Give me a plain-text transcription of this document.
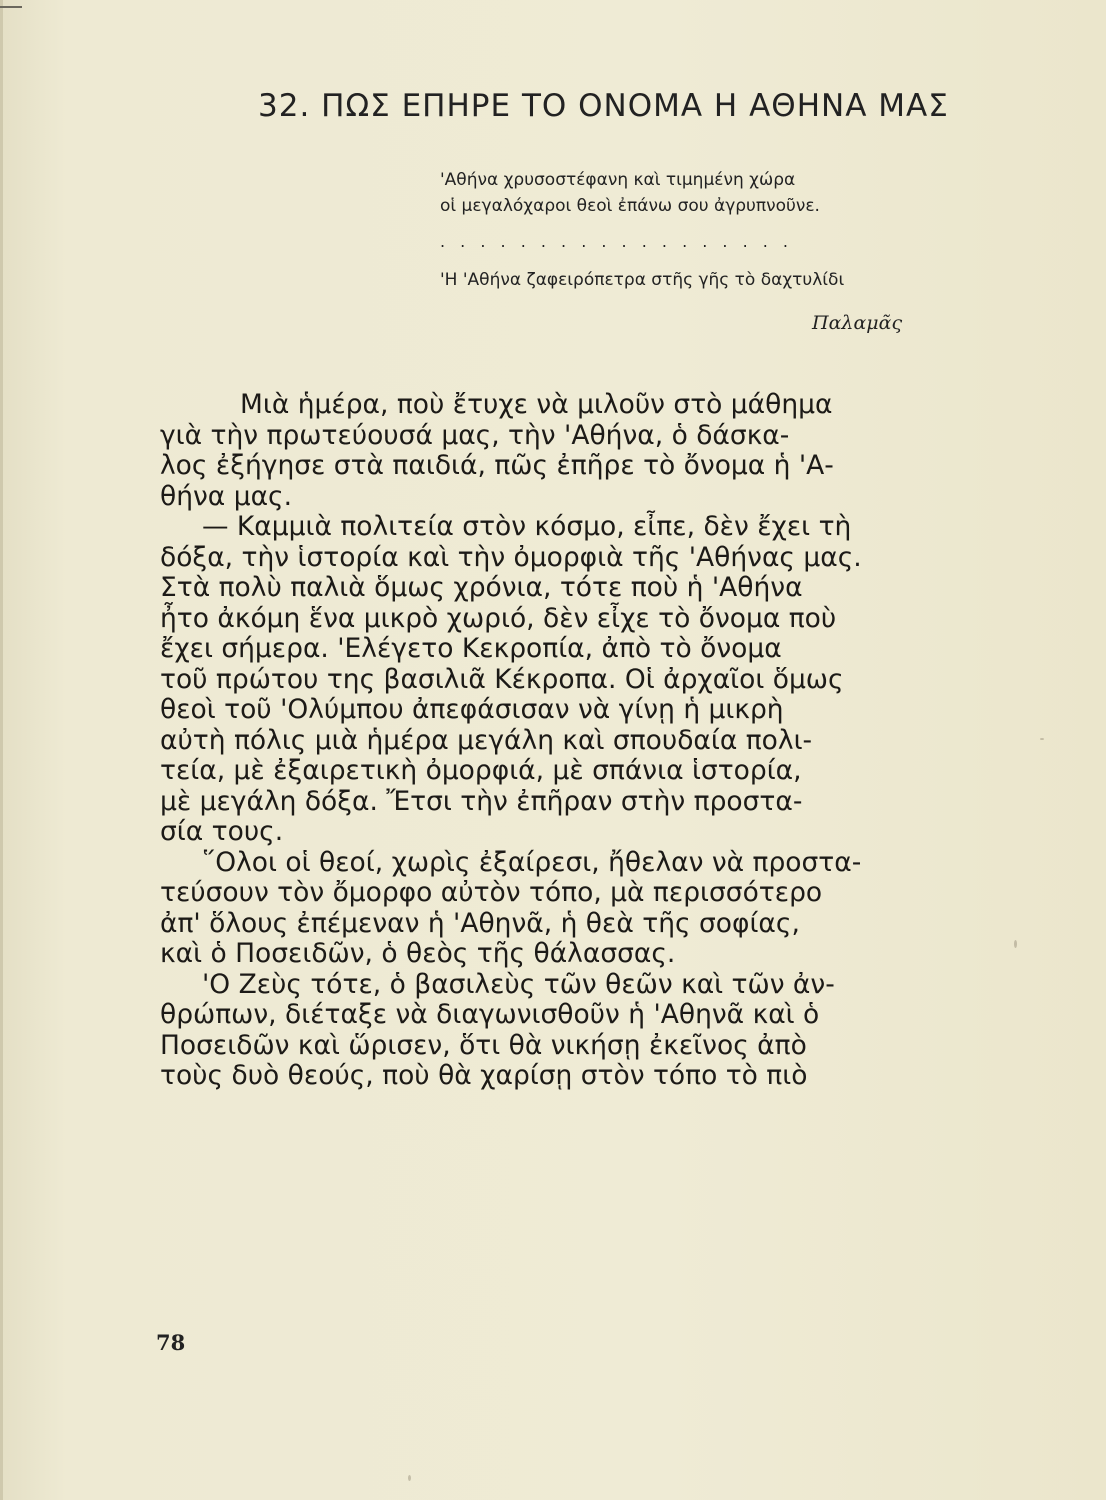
32. ΠΩΣ ΕΠΗΡΕ ΤΟ ΟΝΟΜΑ Η ΑΘΗΝΑ ΜΑΣ
'Αθήνα χρυσοστέφανη καὶ τιμημένη χώρα
οἱ μεγαλόχαροι θεοὶ ἐπάνω σου ἀγρυπνοῦνε.
. . . . . . . . . . . . . . . . . .
'Η 'Αθήνα ζαφειρόπετρα στῆς γῆς τὸ δαχτυλίδι
Παλαμᾶς
Μιὰ ἡμέρα, ποὺ ἔτυχε νὰ μιλοῦν στὸ μάθημα
γιὰ τὴν πρωτεύουσά μας, τὴν 'Αθήνα, ὁ δάσκα-
λος ἐξήγησε στὰ παιδιά, πῶς ἐπῆρε τὸ ὄνομα ἡ 'Α-
θήνα μας.
— Καμμιὰ πολιτεία στὸν κόσμο, εἶπε, δὲν ἔχει τὴ
δόξα, τὴν ἱστορία καὶ τὴν ὀμορφιὰ τῆς 'Αθήνας μας.
Στὰ πολὺ παλιὰ ὅμως χρόνια, τότε ποὺ ἡ 'Αθήνα
ἦτο ἀκόμη ἕνα μικρὸ χωριό, δὲν εἶχε τὸ ὄνομα ποὺ
ἔχει σήμερα. 'Ελέγετο Κεκροπία, ἀπὸ τὸ ὄνομα
τοῦ πρώτου της βασιλιᾶ Κέκροπα. Οἱ ἀρχαῖοι ὅμως
θεοὶ τοῦ 'Ολύμπου ἀπεφάσισαν νὰ γίνῃ ἡ μικρὴ
αὐτὴ πόλις μιὰ ἡμέρα μεγάλη καὶ σπουδαία πολι-
τεία, μὲ ἐξαιρετικὴ ὀμορφιά, μὲ σπάνια ἱστορία,
μὲ μεγάλη δόξα. Ἔτσι τὴν ἐπῆραν στὴν προστα-
σία τους.
῞Ολοι οἱ θεοί, χωρὶς ἐξαίρεσι, ἤθελαν νὰ προστα-
τεύσουν τὸν ὄμορφο αὐτὸν τόπο, μὰ περισσότερο
ἀπ' ὅλους ἐπέμεναν ἡ 'Αθηνᾶ, ἡ θεὰ τῆς σοφίας,
καὶ ὁ Ποσειδῶν, ὁ θεὸς τῆς θάλασσας.
'Ο Ζεὺς τότε, ὁ βασιλεὺς τῶν θεῶν καὶ τῶν ἀν-
θρώπων, διέταξε νὰ διαγωνισθοῦν ἡ 'Αθηνᾶ καὶ ὁ
Ποσειδῶν καὶ ὥρισεν, ὅτι θὰ νικήσῃ ἐκεῖνος ἀπὸ
τοὺς δυὸ θεούς, ποὺ θὰ χαρίσῃ στὸν τόπο τὸ πιὸ
78
